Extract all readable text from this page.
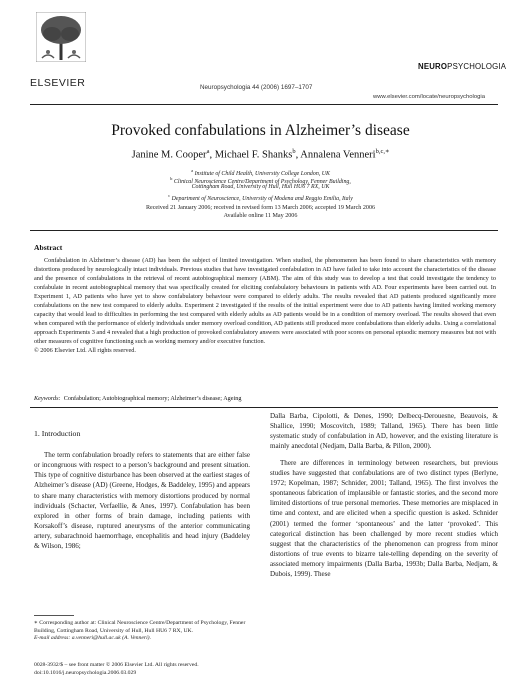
ELSEVIER	Neuropsychologia 44 (2006) 1697–1707
NEUROPSYCHOLOGIA
www.elsevier.com/locate/neuropsychologia
Provoked confabulations in Alzheimer’s disease
Janine M. Cooper$^a$, Michael F. Shanks$^b$, Annalena Venneri$^{b,c,∗}$
$^a$ Institute of Child Health, University College London, UK
$^b$ Clinical Neuroscience Centre/Department of Psychology, Fenner Building,
Cottingham Road, University of Hull, Hull HU6 7 RX, UK
$^c$ Department of Neuroscience, University of Modena and Reggio Emilia, Italy
Received 21 January 2006; received in revised form 13 March 2006; accepted 19 March 2006
Available online 11 May 2006
Abstract
Confabulation in Alzheimer’s disease (AD) has been the subject of limited investigation. When studied, the phenomenon has been found to share characteristics with memory distortions produced by neurologically intact individuals. Previous studies that have investigated confabulation in AD have failed to take into account the characteristics of the disease and the presence of confabulations in the retrieval of recent autobiographical memory (ABM). The aim of this study was to develop a test that could investigate the tendency to confabulate in recent autobiographical memory that was specifically created for eliciting confabulatory behaviours in patients with AD. Four experiments have been carried out. In Experiment 1, AD patients who have yet to show confabulatory behaviour were compared to elderly adults. The results revealed that AD patients produced significantly more confabulations on the new test compared to elderly adults. Experiment 2 investigated if the results of the initial experiment were due to AD patients having limited working memory capacity that would lead to difficulties in performing the test compared with elderly adults as AD patients would be in a condition of memory overload. The results showed that even when compared with the performance of elderly individuals under memory overload condition, AD patients still produced more confabulations than elderly adults. Using a correlational approach Experiments 3 and 4 revealed that a high production of provoked confabulatory answers were associated with poor scores on personal episodic memory measures but not with other measures of cognitive functioning such as working memory and/or executive function.
© 2006 Elsevier Ltd. All rights reserved.
Keywords: Confabulation; Autobiographical memory; Alzheimer’s disease; Ageing
1. Introduction

The term confabulation broadly refers to statements that are either false or incongruous with respect to a person’s background and present situation. This type of cognitive disturbance has been observed at the earliest stages of Alzheimer’s disease (AD) (Greene, Hodges, & Baddeley, 1995) and appears to share many characteristics with memory distortions produced by normal individuals (Schacter, Verfaellie, & Anes, 1997). Confabulation has been explored in other forms of brain damage, including patients with Korsakoff’s disease, ruptured aneurysms of the anterior communicating artery, subarachnoid haemorrhage, encephalitis and head injury (Baddeley & Wilson, 1986;

Dalla Barba, Cipolotti, & Denes, 1990; Delbecq-Derouesne, Beauvois, & Shallice, 1990; Moscovitch, 1989; Talland, 1965). There has been little systematic study of confabulation in AD, however, and the existing literature is mainly anecdotal (Nedjam, Dalla Barba, & Pillon, 2000).

There are differences in terminology between researchers, but previous studies have suggested that confabulations are of two distinct types (Berlyne, 1972; Kopelman, 1987; Schnider, 2001; Talland, 1965). The first involves the spontaneous fabrication of implausible or fantastic stories, and the second more limited distortions of true personal memories. These memories are misplaced in time and context, and are elicited when a specific question is asked. Schnider (2001) termed the former ‘spontaneous’ and the latter ‘provoked’. This categorical distinction has been challenged by more recent studies which suggest that the characteristics of the phenomenon can progress from minor distortions of true events to bizarre tale-telling depending on the severity of associated memory impairments (Dalla Barba, 1993b; Dalla Barba, Nedjam, & Dubois, 1999). These

∗ Corresponding author at: Clinical Neuroscience Centre/Department of Psychology, Fenner Building, Cottingham Road, University of Hull, Hull HU6 7 RX, UK.
E-mail address: a.venneri@hull.ac.uk (A. Venneri).
0028-3932/$ – see front matter © 2006 Elsevier Ltd. All rights reserved.
doi:10.1016/j.neuropsychologia.2006.03.029
